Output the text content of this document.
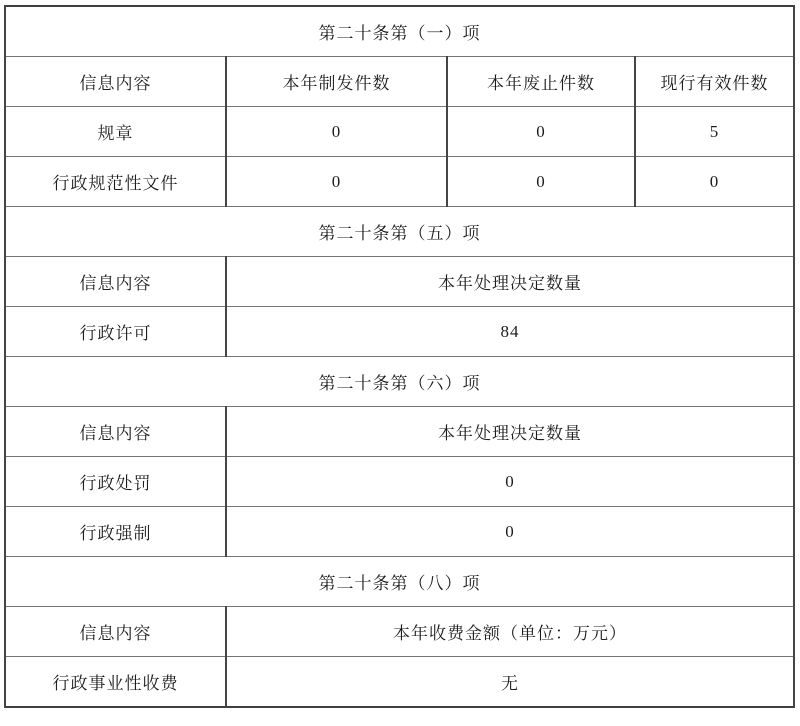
第二十条第（一）项			
信息内容	本年制发件数	本年废止件数	现行有效件数
规章	0	0	5
行政规范性文件	0	0	0
第二十条第（五）项			
信息内容	本年处理决定数量		
行政许可	84		
第二十条第（六）项			
信息内容	本年处理决定数量		
行政处罚	0		
行政强制	0		
第二十条第（八）项			
信息内容	本年收费金额（单位：万元）		
行政事业性收费	无		
